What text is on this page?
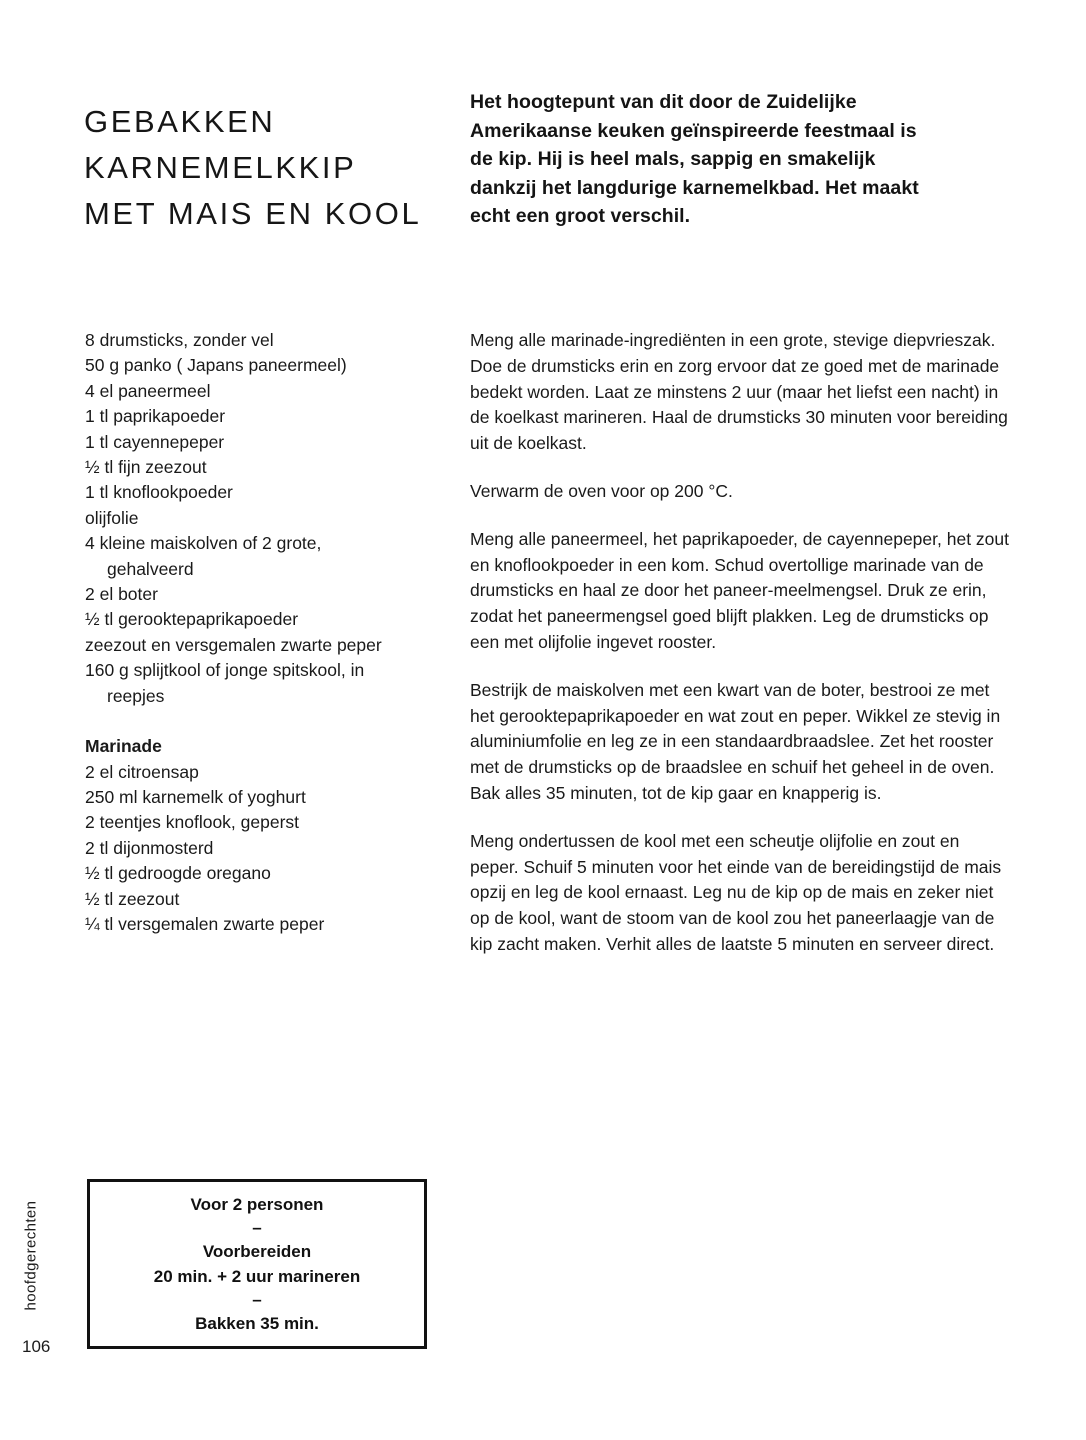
GEBAKKEN KARNEMELKKIP MET MAIS EN KOOL
Het hoogtepunt van dit door de Zuidelijke Amerikaanse keuken geïnspireerde feestmaal is de kip. Hij is heel mals, sappig en smakelijk dankzij het langdurige karnemelkbad. Het maakt echt een groot verschil.
8 drumsticks, zonder vel
50 g panko ( Japans paneermeel)
4 el paneermeel
1 tl paprikapoeder
1 tl cayennepeper
½ tl fijn zeezout
1 tl knoflookpoeder
olijfolie
4 kleine maiskolven of 2 grote,
gehalveerd
2 el boter
½ tl gerooktepaprikapoeder
zeezout en versgemalen zwarte peper
160 g splijtkool of jonge spitskool, in
reepjes
Marinade
2 el citroensap
250 ml karnemelk of yoghurt
2 teentjes knoflook, geperst
2 tl dijonmosterd
½ tl gedroogde oregano
½ tl zeezout
¼ tl versgemalen zwarte peper

Meng alle marinade-ingrediënten in een grote, stevige diepvrieszak. Doe de drumsticks erin en zorg ervoor dat ze goed met de marinade bedekt worden. Laat ze minstens 2 uur (maar het liefst een nacht) in de koelkast marineren. Haal de drumsticks 30 minuten voor bereiding uit de koelkast.

Verwarm de oven voor op 200 °C.

Meng alle paneermeel, het paprikapoeder, de cayennepeper, het zout en knoflookpoeder in een kom. Schud overtollige marinade van de drumsticks en haal ze door het paneer-meelmengsel. Druk ze erin, zodat het paneermengsel goed blijft plakken. Leg de drumsticks op een met olijfolie ingevet rooster.

Bestrijk de maiskolven met een kwart van de boter, bestrooi ze met het gerooktepaprikapoeder en wat zout en peper. Wikkel ze stevig in aluminiumfolie en leg ze in een standaardbraadslee. Zet het rooster met de drumsticks op de braadslee en schuif het geheel in de oven. Bak alles 35 minuten, tot de kip gaar en knapperig is.

Meng ondertussen de kool met een scheutje olijfolie en zout en peper. Schuif 5 minuten voor het einde van de bereidingstijd de mais opzij en leg de kool ernaast. Leg nu de kip op de mais en zeker niet op de kool, want de stoom van de kool zou het paneerlaagje van de kip zacht maken. Verhit alles de laatste 5 minuten en serveer direct.

Voor 2 personen
–
Voorbereiden
20 min. + 2 uur marineren
–
Bakken 35 min.
hoofdgerechten
106
